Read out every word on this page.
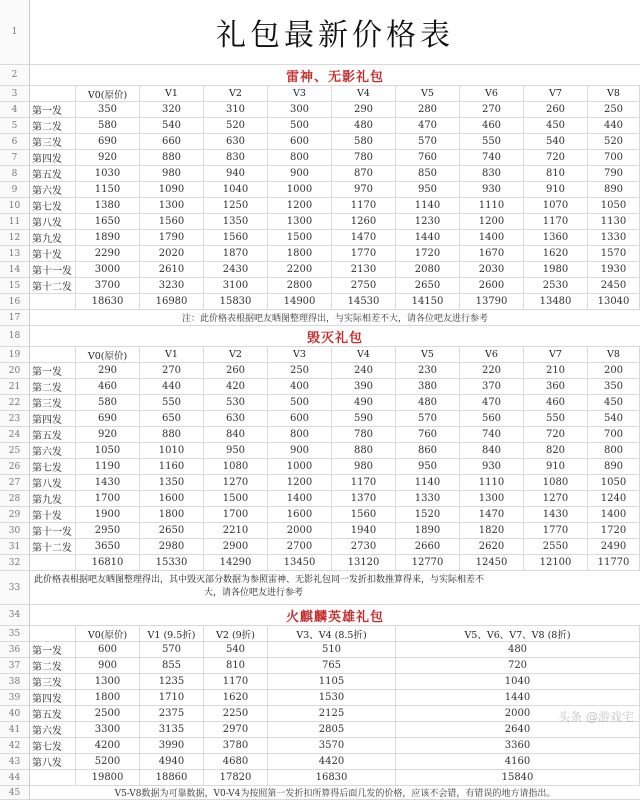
1	礼包最新价格表
2	雷神、无影礼包
3	V0(原价)	V1	V2	V3	V4	V5	V6	V7	V8
4	第一发	350	320	310	300	290	280	270	260	250
5	第二发	580	540	520	500	480	470	460	450	440
6	第三发	690	660	630	600	580	570	550	540	520
7	第四发	920	880	830	800	780	760	740	720	700
8	第五发	1030	980	940	900	870	850	830	810	790
9	第六发	1150	1090	1040	1000	970	950	930	910	890
10	第七发	1380	1300	1250	1200	1170	1140	1110	1070	1050
11	第八发	1650	1560	1350	1300	1260	1230	1200	1170	1130
12	第九发	1890	1790	1560	1500	1470	1440	1400	1360	1330
13	第十发	2290	2020	1870	1800	1770	1720	1670	1620	1570
14	第十一发	3000	2610	2430	2200	2130	2080	2030	1980	1930
15	第十二发	3700	3230	3100	2800	2750	2650	2600	2530	2450
16	18630	16980	15830	14900	14530	14150	13790	13480	13040
17	注：此价格表根据吧友晒图整理得出，与实际相差不大，请各位吧友进行参考
18	毁灭礼包
19	V0(原价)	V1	V2	V3	V4	V5	V6	V7	V8
20	第一发	290	270	260	250	240	230	220	210	200
21	第二发	460	440	420	400	390	380	370	360	350
22	第三发	580	550	530	500	490	480	470	460	450
23	第四发	690	650	630	600	590	570	560	550	540
24	第五发	920	880	840	800	780	760	740	720	700
25	第六发	1050	1010	950	900	880	860	840	820	800
26	第七发	1190	1160	1080	1000	980	950	930	910	890
27	第八发	1430	1350	1270	1200	1170	1140	1110	1080	1050
28	第九发	1700	1600	1500	1400	1370	1330	1300	1270	1240
29	第十发	1900	1800	1700	1600	1560	1520	1470	1430	1400
30	第十一发	2950	2650	2210	2000	1940	1890	1820	1770	1720
31	第十二发	3650	2980	2900	2700	2730	2660	2620	2550	2490
32	16810	15330	14290	13450	13120	12770	12450	12100	11770
33
此价格表根据吧友晒图整理得出，其中毁灭部分数据为参照雷神、无影礼包同一发折扣数推算得来，与实际相差不
大，请各位吧友进行参考
34	火麒麟英雄礼包
35	V0(原价)	V1 (9.5折)	V2 (9折)	V3、V4 (8.5折)	V5、V6、V7、V8 (8折)
36	第一发	600	570	540	510	480
37	第二发	900	855	810	765	720
38	第三发	1300	1235	1170	1105	1040
39	第四发	1800	1710	1620	1530	1440
40	第五发	2500	2375	2250	2125	2000
41	第六发	3300	3135	2970	2805	2640
42	第七发	4200	3990	3780	3570	3360
43	第八发	5200	4940	4680	4420	4160
44	19800	18860	17820	16830	15840
45	V5-V8数据为可靠数据，V0-V4为按照第一发折扣所算得后面几发的价格，应该不会错，有错误的地方请指出。
头条 @游戏宅
